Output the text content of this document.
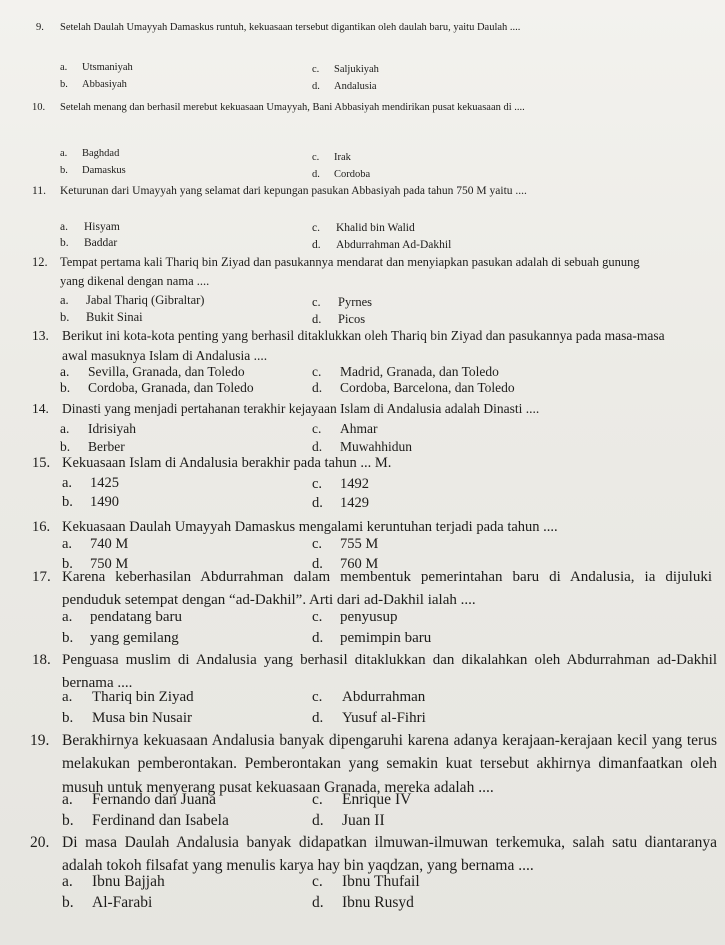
9. Setelah Daulah Umayyah Damaskus runtuh, kekuasaan tersebut digantikan oleh daulah baru, yaitu Daulah ....
a. Utsmaniyah
b. Abbasiyah
c. Saljukiyah
d. Andalusia
10. Setelah menang dan berhasil merebut kekuasaan Umayyah, Bani Abbasiyah mendirikan pusat kekuasaan di ....
a. Baghdad
b. Damaskus
c. Irak
d. Cordoba
11. Keturunan dari Umayyah yang selamat dari kepungan pasukan Abbasiyah pada tahun 750 M yaitu ....
a. Hisyam
b. Baddar
c. Khalid bin Walid
d. Abdurrahman Ad-Dakhil
12. Tempat pertama kali Thariq bin Ziyad dan pasukannya mendarat dan menyiapkan pasukan adalah di sebuah gunung yang dikenal dengan nama ....
a. Jabal Thariq (Gibraltar)
b. Bukit Sinai
c. Pyrnes
d. Picos
13. Berikut ini kota-kota penting yang berhasil ditaklukkan oleh Thariq bin Ziyad dan pasukannya pada masa-masa awal masuknya Islam di Andalusia ....
a. Sevilla, Granada, dan Toledo
b. Cordoba, Granada, dan Toledo
c. Madrid, Granada, dan Toledo
d. Cordoba, Barcelona, dan Toledo
14. Dinasti yang menjadi pertahanan terakhir kejayaan Islam di Andalusia adalah Dinasti ....
a. Idrisiyah
b. Berber
c. Ahmar
d. Muwahhidun
15. Kekuasaan Islam di Andalusia berakhir pada tahun ... M.
a. 1425
b. 1490
c. 1492
d. 1429
16. Kekuasaan Daulah Umayyah Damaskus mengalami keruntuhan terjadi pada tahun ....
a. 740 M
b. 750 M
c. 755 M
d. 760 M
17. Karena keberhasilan Abdurrahman dalam membentuk pemerintahan baru di Andalusia, ia dijuluki penduduk setempat dengan “ad-Dakhil”. Arti dari ad-Dakhil ialah ....
a. pendatang baru
b. yang gemilang
c. penyusup
d. pemimpin baru
18. Penguasa muslim di Andalusia yang berhasil ditaklukkan dan dikalahkan oleh Abdurrahman ad-Dakhil bernama ....
a. Thariq bin Ziyad
b. Musa bin Nusair
c. Abdurrahman
d. Yusuf al-Fihri
19. Berakhirnya kekuasaan Andalusia banyak dipengaruhi karena adanya kerajaan-kerajaan kecil yang terus melakukan pemberontakan. Pemberontakan yang semakin kuat tersebut akhirnya dimanfaatkan oleh musuh untuk menyerang pusat kekuasaan Granada, mereka adalah ....
a. Fernando dan Juana
b. Ferdinand dan Isabela
c. Enrique IV
d. Juan II
20. Di masa Daulah Andalusia banyak didapatkan ilmuwan-ilmuwan terkemuka, salah satu diantaranya adalah tokoh filsafat yang menulis karya hay bin yaqdzan, yang bernama ....
a. Ibnu Bajjah
b. Al-Farabi
c. Ibnu Thufail
d. Ibnu Rusyd
